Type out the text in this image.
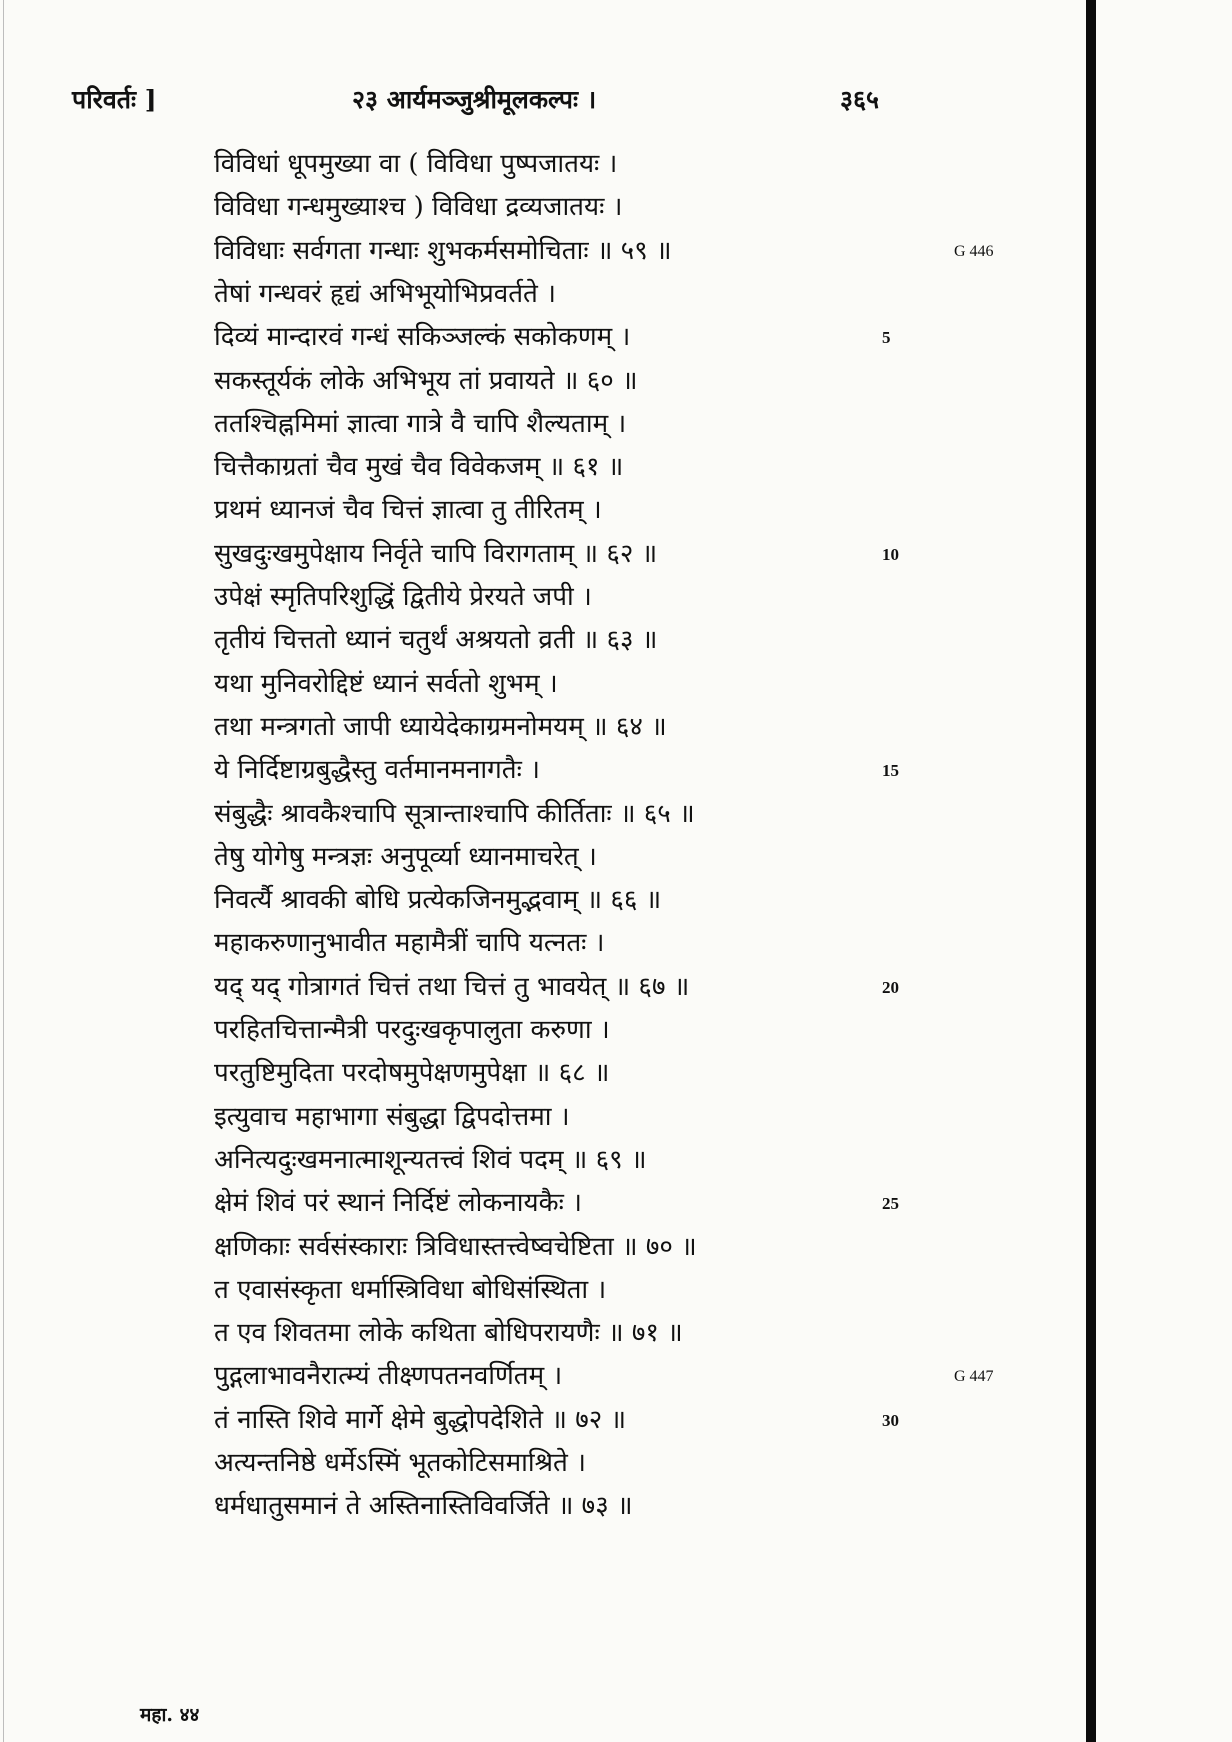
परिवर्तः ]	२३ आर्यमञ्जुश्रीमूलकल्पः ।	३६५
विविधां धूपमुख्या वा ( विविधा पुष्पजातयः ।
विविधा गन्धमुख्याश्च ) विविधा द्रव्यजातयः ।
विविधाः सर्वगता गन्धाः शुभकर्मसमोचिताः ॥ ५९ ॥	G 446
तेषां गन्धवरं हृद्यं अभिभूयोभिप्रवर्तते ।
दिव्यं मान्दारवं गन्धं सकिञ्जल्कं सकोकणम् ।	5
सकस्तूर्यकं लोके अभिभूय तां प्रवायते ॥ ६० ॥
ततश्चिह्नमिमां ज्ञात्वा गात्रे वै चापि शैल्यताम् ।
चित्तैकाग्रतां चैव मुखं चैव विवेकजम् ॥ ६१ ॥
प्रथमं ध्यानजं चैव चित्तं ज्ञात्वा तु तीरितम् ।
सुखदुःखमुपेक्षाय निर्वृते चापि विरागताम् ॥ ६२ ॥	10
उपेक्षं स्मृतिपरिशुद्धिं द्वितीये प्रेरयते जपी ।
तृतीयं चित्ततो ध्यानं चतुर्थं अश्रयतो व्रती ॥ ६३ ॥
यथा मुनिवरोद्दिष्टं ध्यानं सर्वतो शुभम् ।
तथा मन्त्रगतो जापी ध्यायेदेकाग्रमनोमयम् ॥ ६४ ॥
ये निर्दिष्टाग्रबुद्धैस्तु वर्तमानमनागतैः ।	15
संबुद्धैः श्रावकैश्चापि सूत्रान्ताश्चापि कीर्तिताः ॥ ६५ ॥
तेषु योगेषु मन्त्रज्ञः अनुपूर्व्या ध्यानमाचरेत् ।
निवर्त्यै श्रावकी बोधि प्रत्येकजिनमुद्भवाम् ॥ ६६ ॥
महाकरुणानुभावीत महामैत्रीं चापि यत्नतः ।
यद् यद् गोत्रागतं चित्तं तथा चित्तं तु भावयेत् ॥ ६७ ॥	20
परहितचित्तान्मैत्री परदुःखकृपालुता करुणा ।
परतुष्टिमुदिता परदोषमुपेक्षणमुपेक्षा ॥ ६८ ॥
इत्युवाच महाभागा संबुद्धा द्विपदोत्तमा ।
अनित्यदुःखमनात्माशून्यतत्त्वं शिवं पदम् ॥ ६९ ॥
क्षेमं शिवं परं स्थानं निर्दिष्टं लोकनायकैः ।	25
क्षणिकाः सर्वसंस्काराः त्रिविधास्तत्त्वेष्वचेष्टिता ॥ ७० ॥
त एवासंस्कृता धर्मास्त्रिविधा बोधिसंस्थिता ।
त एव शिवतमा लोके कथिता बोधिपरायणैः ॥ ७१ ॥
पुद्गलाभावनैरात्म्यं तीक्ष्णपतनवर्णितम् ।	G 447
तं नास्ति शिवे मार्गे क्षेमे बुद्धोपदेशिते ॥ ७२ ॥	30
अत्यन्तनिष्ठे धर्मेऽस्मिं भूतकोटिसमाश्रिते ।
धर्मधातुसमानं ते अस्तिनास्तिविवर्जिते ॥ ७३ ॥
महा. ४४
